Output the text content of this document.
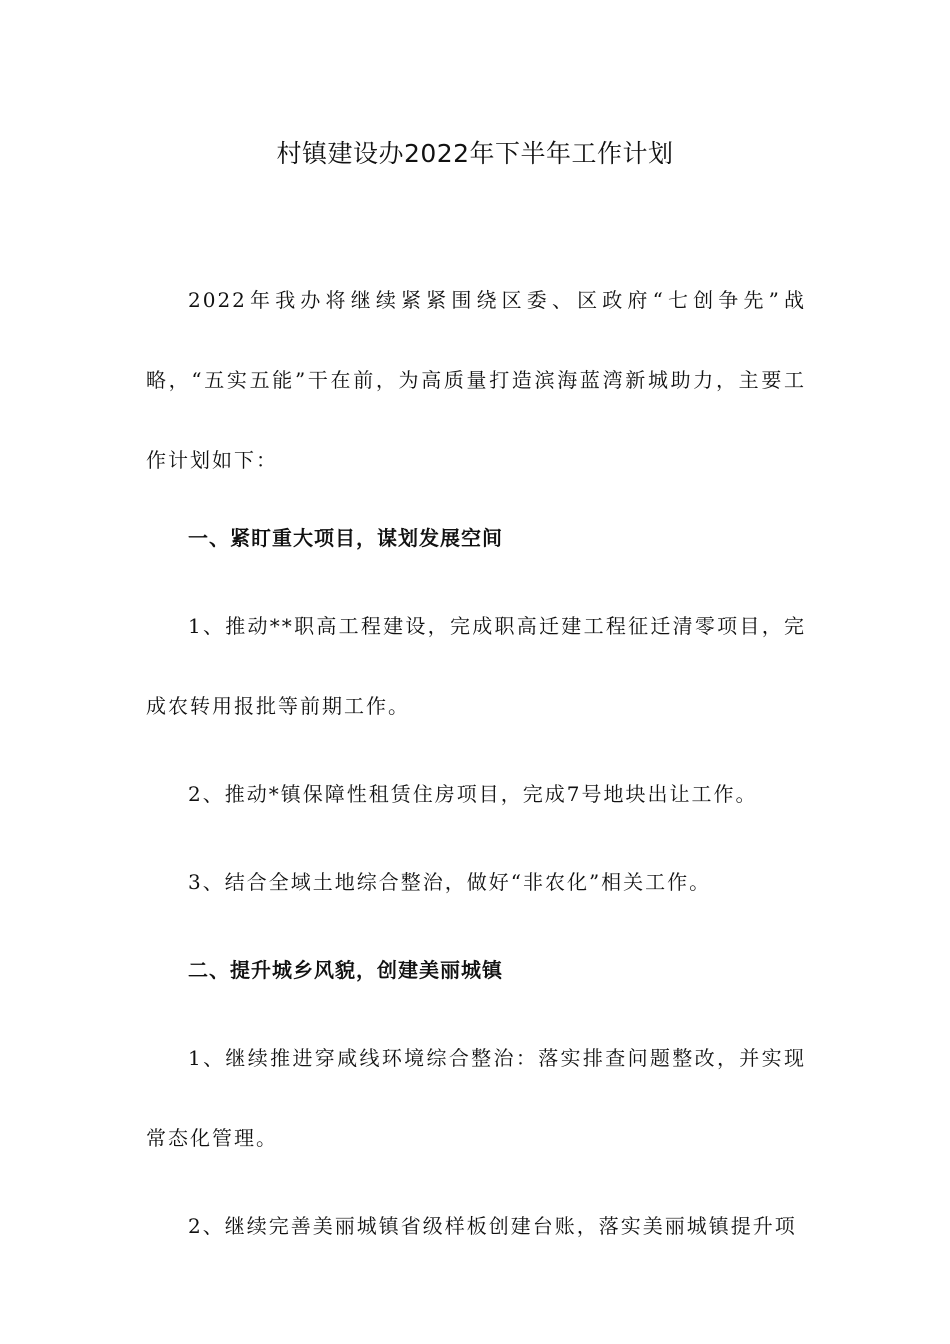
村镇建设办2022年下半年工作计划

2022年我办将继续紧紧围绕区委、区政府“七创争先”战略，“五实五能”干在前，为高质量打造滨海蓝湾新城助力，主要工作计划如下：

一、紧盯重大项目，谋划发展空间

1、推动**职高工程建设，完成职高迁建工程征迁清零项目，完成农转用报批等前期工作。

2、推动*镇保障性租赁住房项目，完成7号地块出让工作。

3、结合全域土地综合整治，做好“非农化”相关工作。

二、提升城乡风貌，创建美丽城镇

1、继续推进穿咸线环境综合整治：落实排查问题整改，并实现常态化管理。

2、继续完善美丽城镇省级样板创建台账，落实美丽城镇提升项
